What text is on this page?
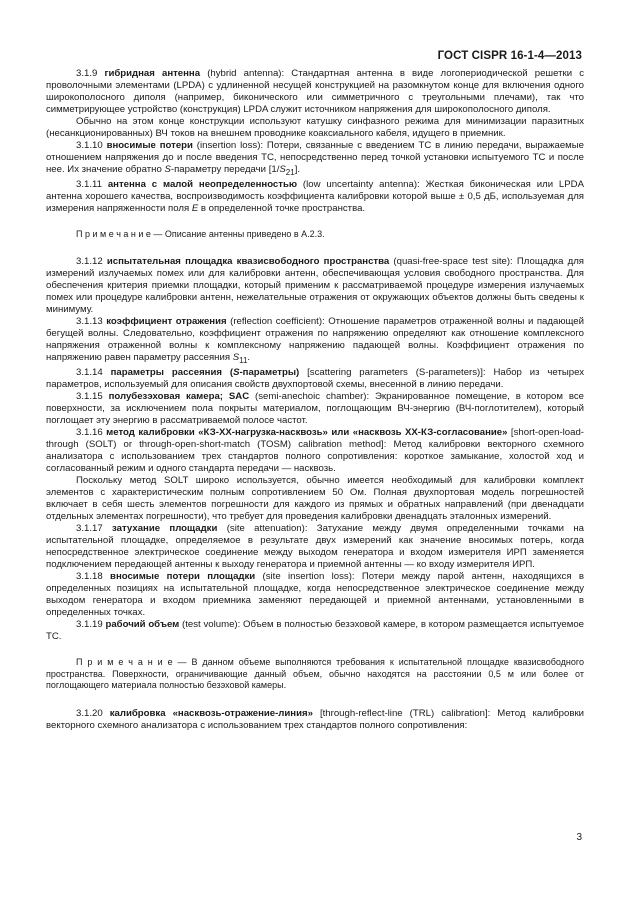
ГОСТ CISPR 16-1-4—2013

3.1.9 гибридная антенна (hybrid antenna): Стандартная антенна в виде логопериодической решетки с проволочными элементами (LPDA) с удлиненной несущей конструкцией на разомкнутом конце для включения одного широкополосного диполя (например, биконического или симметричного с треугольными плечами), так что симметрирующее устройство (конструкция) LPDA служит источником напряжения для широкополосного диполя.

Обычно на этом конце конструкции используют катушку синфазного режима для минимизации паразитных (несанкционированных) ВЧ токов на внешнем проводнике коаксиального кабеля, идущего в приемник.

3.1.10 вносимые потери (insertion loss): Потери, связанные с введением ТС в линию передачи, выражаемые отношением напряжения до и после введения ТС, непосредственно перед точкой установки испытуемого ТС и после нее. Их значение обратно S-параметру передачи $[1/S_{21}]$.

3.1.11 антенна с малой неопределенностью (low uncertainty antenna): Жесткая биконическая или LPDA антенна хорошего качества, воспроизводимость коэффициента калибровки которой выше ± 0,5 дБ, используемая для измерения напряженности поля E в определенной точке пространства.

П р и м е ч а н и е — Описание антенны приведено в А.2.3.

3.1.12 испытательная площадка квазисвободного пространства (quasi-free-space test site): Площадка для измерений излучаемых помех или для калибровки антенн, обеспечивающая условия свободного пространства. Для обеспечения критерия приемки площадки, который применим к рассматриваемой процедуре измерения излучаемых помех или процедуре калибровки антенн, нежелательные отражения от окружающих объектов должны быть сведены к минимуму.

3.1.13 коэффициент отражения (reflection coefficient): Отношение параметров отраженной волны и падающей бегущей волны. Следовательно, коэффициент отражения по напряжению определяют как отношение комплексного напряжения отраженной волны к комплексному напряжению падающей волны. Коэффициент отражения по напряжению равен параметру рассеяния $S_{11}$.

3.1.14 параметры рассеяния (S-параметры) [scattering parameters (S-parameters)]: Набор из четырех параметров, используемый для описания свойств двухпортовой схемы, внесенной в линию передачи.

3.1.15 полубезэховая камера; SAC (semi-anechoic chamber): Экранированное помещение, в котором все поверхности, за исключением пола покрыты материалом, поглощающим ВЧ-энергию (ВЧ-поглотителем), который поглощает эту энергию в рассматриваемой полосе частот.

3.1.16 метод калибровки «КЗ-ХХ-нагрузка-насквозь» или «насквозь ХХ-КЗ-согласование» [short-open-load-through (SOLT) or through-open-short-match (TOSM) calibration method]: Метод калибровки векторного схемного анализатора с использованием трех стандартов полного сопротивления: короткое замыкание, холостой ход и согласованный режим и одного стандарта передачи — насквозь.

Поскольку метод SOLT широко используется, обычно имеется необходимый для калибровки комплект элементов с характеристическим полным сопротивлением 50 Ом. Полная двухпортовая модель погрешностей включает в себя шесть элементов погрешности для каждого из прямых и обратных направлений (при двенадцати отдельных элементах погрешности), что требует для проведения калибровки двенадцать эталонных измерений.

3.1.17 затухание площадки (site attenuation): Затухание между двумя определенными точками на испытательной площадке, определяемое в результате двух измерений как значение вносимых потерь, когда непосредственное электрическое соединение между выходом генератора и входом измерителя ИРП заменяется подключением передающей антенны к выходу генератора и приемной антенны — ко входу измерителя ИРП.

3.1.18 вносимые потери площадки (site insertion loss): Потери между парой антенн, находящихся в определенных позициях на испытательной площадке, когда непосредственное электрическое соединение между выходом генератора и входом приемника заменяют передающей и приемной антеннами, установленными в определенных точках.

3.1.19 рабочий объем (test volume): Объем в полностью безэховой камере, в котором размещается испытуемое ТС.

П р и м е ч а н и е — В данном объеме выполняются требования к испытательной площадке квазисвободного пространства. Поверхности, ограничивающие данный объем, обычно находятся на расстоянии 0,5 м или более от поглощающего материала полностью безэховой камеры.

3.1.20 калибровка «насквозь-отражение-линия» [through-reflect-line (TRL) calibration]: Метод калибровки векторного схемного анализатора с использованием трех стандартов полного сопротивления:

3
